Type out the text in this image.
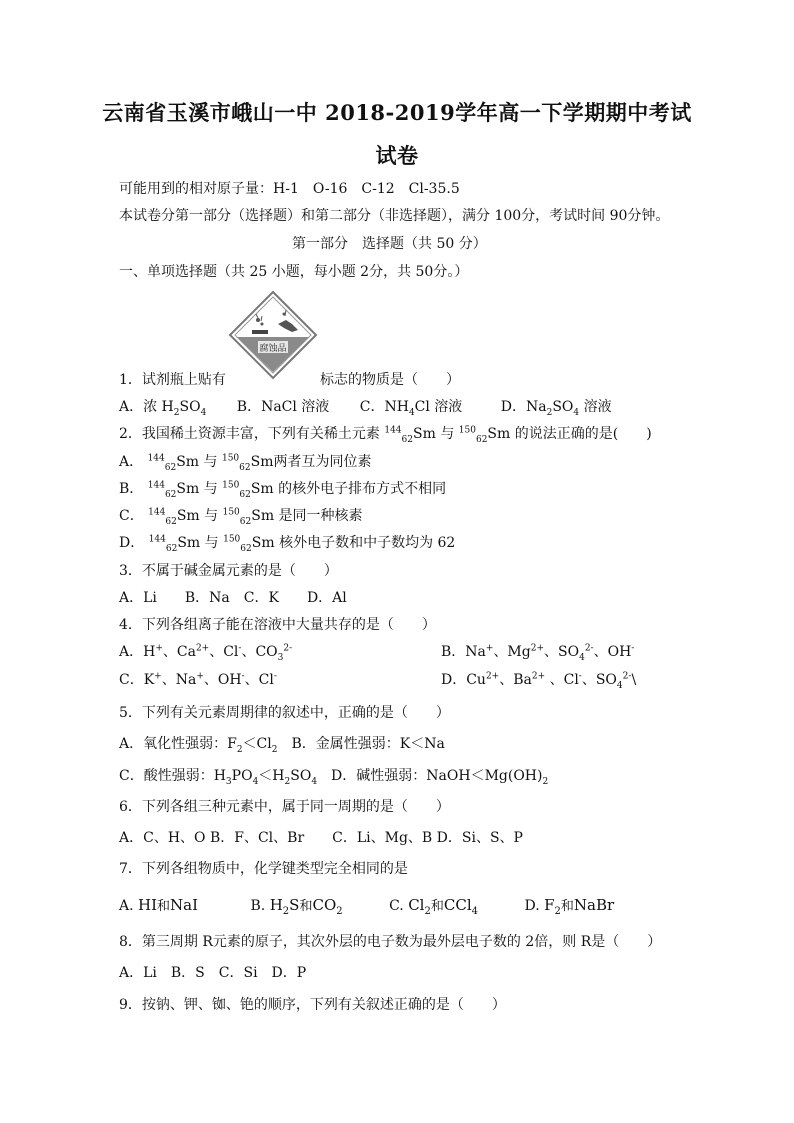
云南省玉溪市峨山一中 2018-2019学年高一下学期期中考试
试卷
可能用到的相对原子量：H-1　O-16　C-12　Cl-35.5
本试卷分第一部分（选择题）和第二部分（非选择题），满分 100分，考试时间 90分钟。
第一部分　选择题（共 50 分）
一、单项选择题（共 25 小题，每小题 2分，共 50分。）
腐蚀品
1．试剂瓶上贴有	标志的物质是（　　）
A．浓 $H_2SO_4$ B．NaCl 溶液 C．$NH_4Cl$ 溶液 D．$Na_2SO_4$ 溶液
2．我国稀土资源丰富，下列有关稀土元素 $^{144}_{62}$Sm 与 $^{150}_{62}$Sm 的说法正确的是(　　)
A． $^{144}_{62}$Sm 与 $^{150}_{62}$Sm两者互为同位素
B． $^{144}_{62}$Sm 与 $^{150}_{62}$Sm 的核外电子排布方式不相同
C． $^{144}_{62}$Sm 与 $^{150}_{62}$Sm 是同一种核素
D． $^{144}_{62}$Sm 与 $^{150}_{62}$Sm 核外电子数和中子数均为 62
3．不属于碱金属元素的是（　　）
A．Li　　B．Na　C．K　　D．Al
4．下列各组离子能在溶液中大量共存的是（　　）
A．H+、$Ca^{2+}$、Cl-、$CO_3^{2-}$	B．Na+、$Mg^{2+}$、$SO_4^{2-}$、OH-
C．K+、Na+、OH-、Cl-	D．$Cu^{2+}$、$Ba^{2+}$ 、Cl-、$SO_4^{2-}\backslash$
5．下列有关元素周期律的叙述中，正确的是（　　）
A．氧化性强弱：$F_2<Cl_2$　B．金属性强弱：K＜Na
C．酸性强弱：$H_3PO_4<H_2SO_4$　D．碱性强弱：$NaOH<Mg(OH)_2$
6．下列各组三种元素中，属于同一周期的是（　　）
A．C、H、O B．F、Cl、Br　　C．Li、Mg、B D．Si、S、P
7．下列各组物质中，化学键类型完全相同的是
A. HI和NaI	B. $H_2S$和$CO_2$	C. $Cl_2$和CCl$_4$	D. $F_2$和NaBr
8．第三周期 R元素的原子，其次外层的电子数为最外层电子数的 2倍，则 R是（　　）
A．Li　B．S　C．Si　D．P
9．按钠、钾、铷、铯的顺序，下列有关叙述正确的是（　　）
